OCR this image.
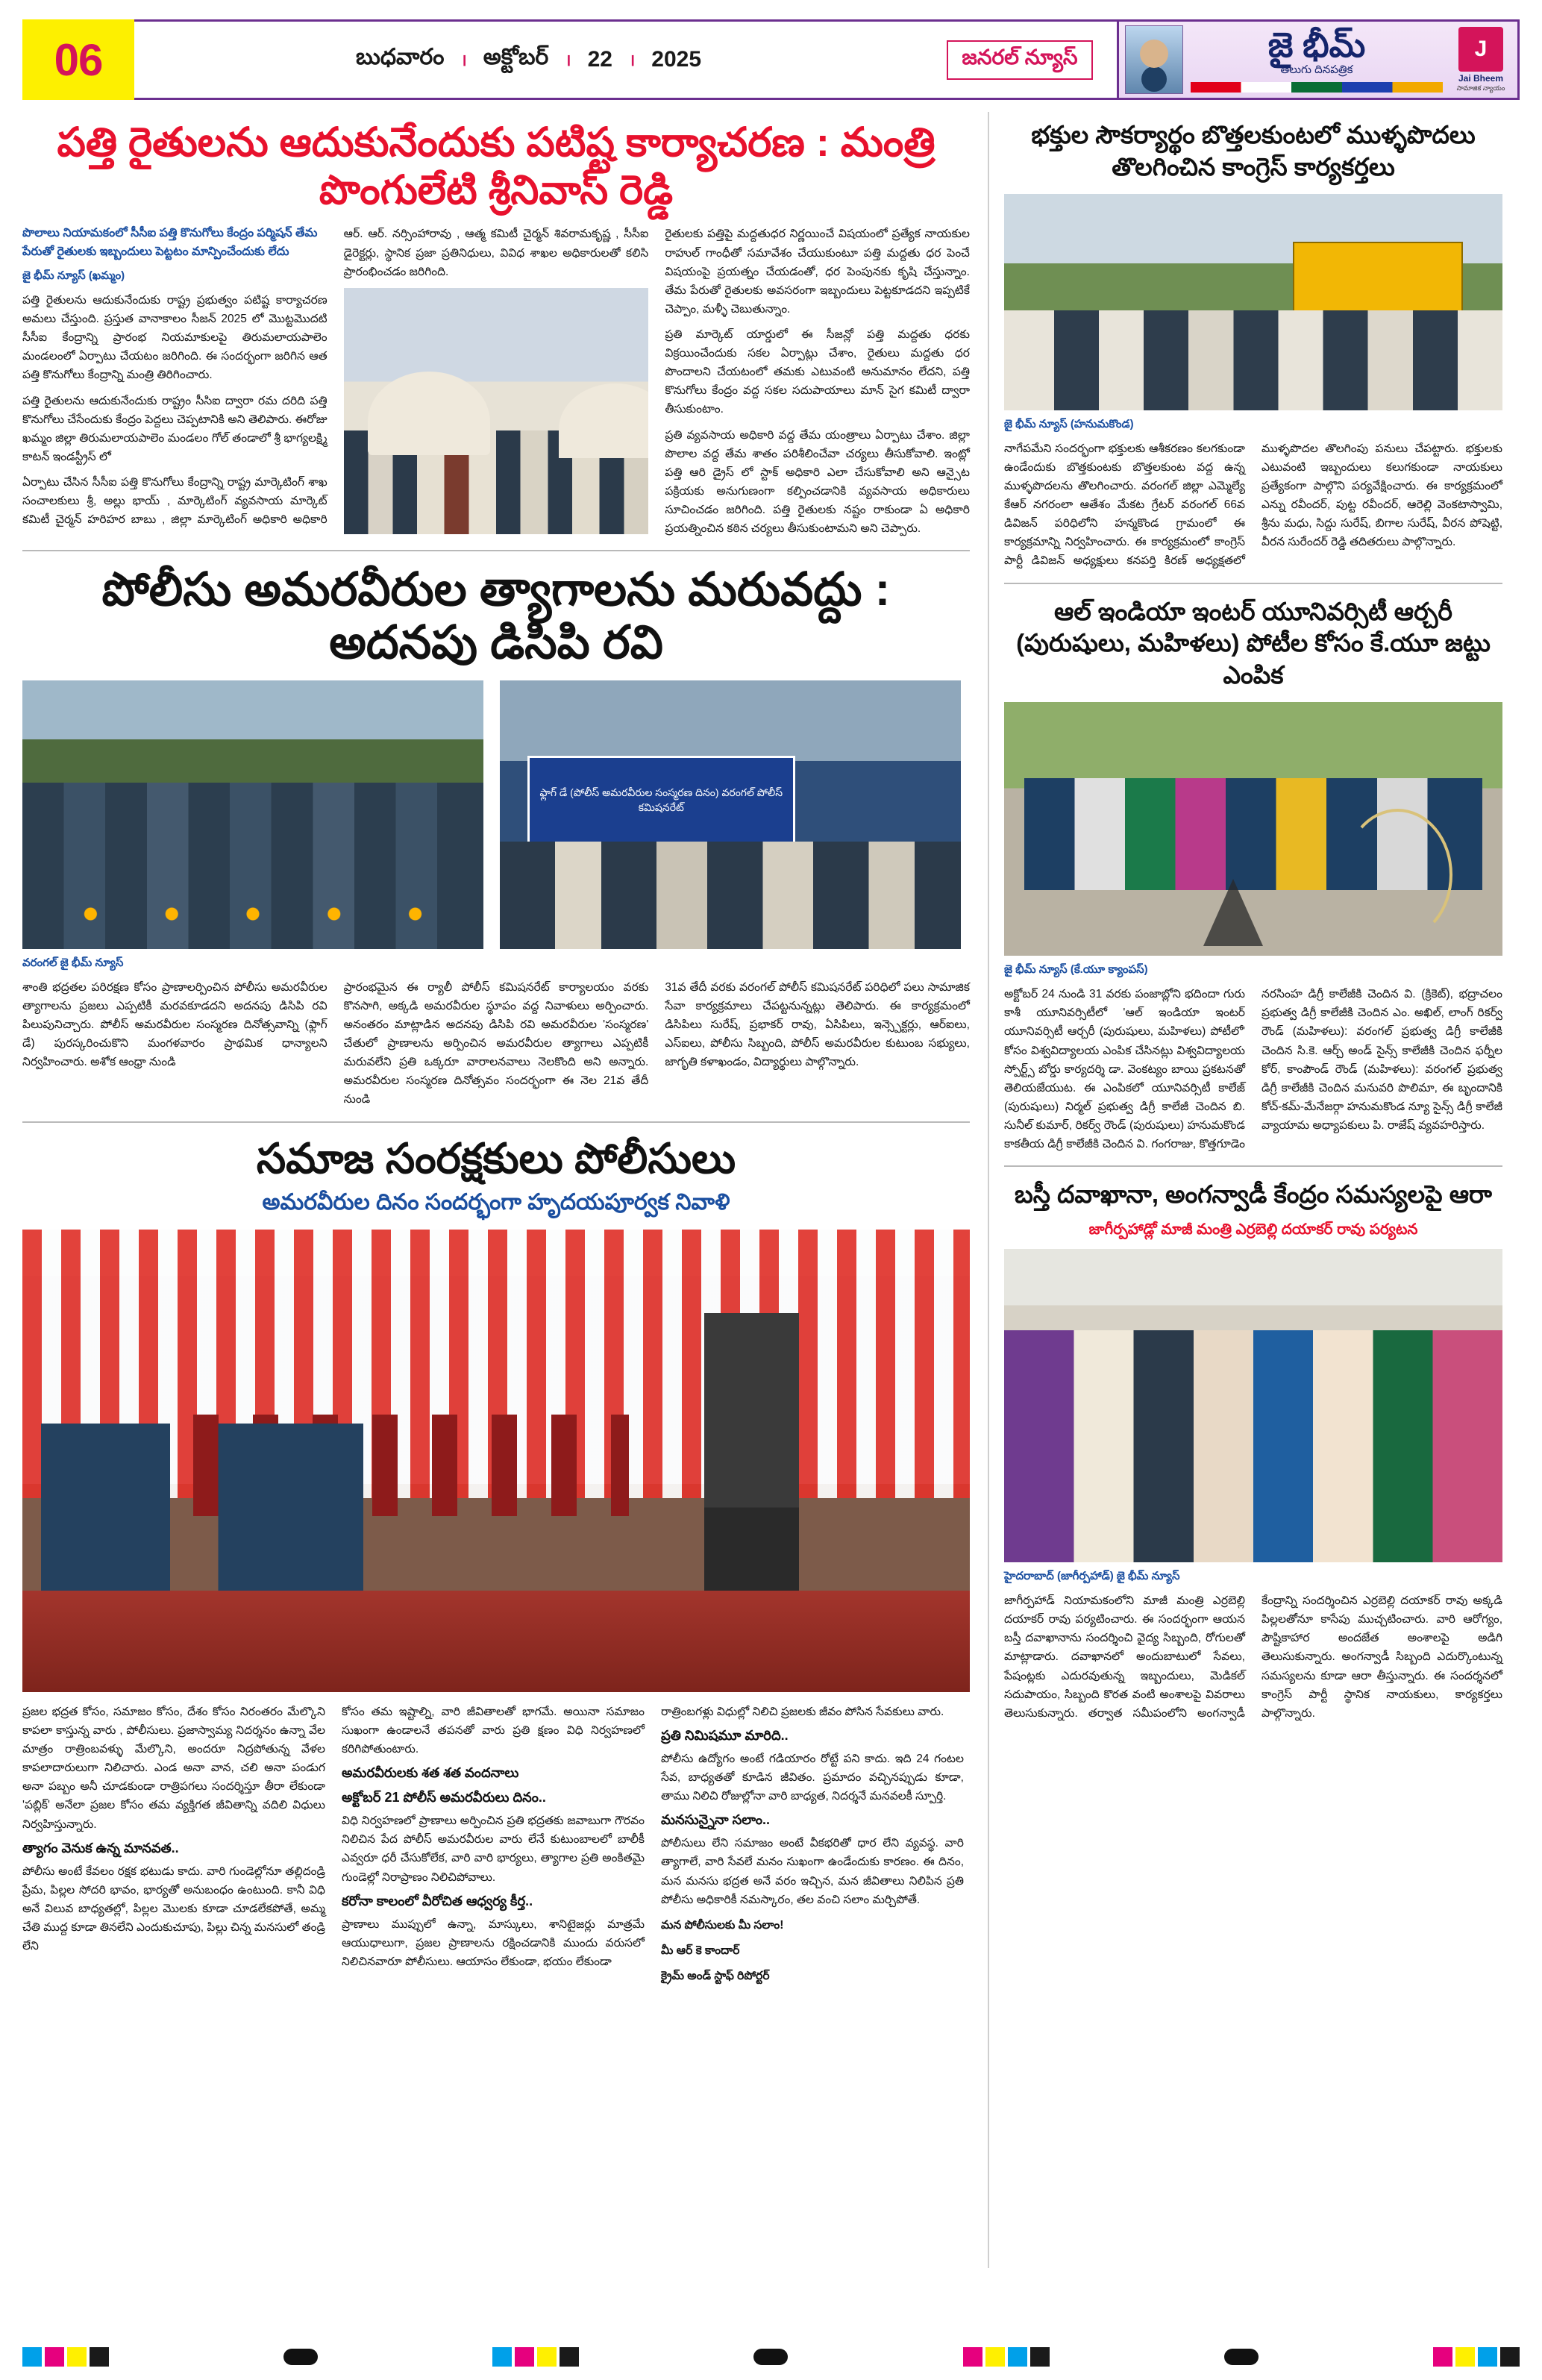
06	బుధవారం । అక్టోబర్ । 22 । 2025	జనరల్ న్యూస్	జై భీమ్
తెలుగు దినపత్రిక
J
Jai Bheem
సామాజిక న్యాయం
పత్తి రైతులను ఆదుకునేందుకు పటిష్ట కార్యాచరణ : మంత్రి పొంగులేటి శ్రీనివాస్ రెడ్డి

పొలాలు నియామకంలో సీసీఐ పత్తి కొనుగోలు కేంద్రం పర్మిషన్ తేమ పేరుతో రైతులకు ఇబ్బందులు పెట్టటం మాన్పించేందుకు లేదు

జై భీమ్ న్యూస్ (ఖమ్మం)

పత్తి రైతులను ఆదుకునేందుకు రాష్ట్ర ప్రభుత్వం పటిష్ట కార్యాచరణ అమలు చేస్తుంది. ప్రస్తుత వానాకాలం సీజన్ 2025 లో మొట్టమొదటి సీసీఐ కేంద్రాన్ని ప్రారంభ నియమాకులపై తిరుమలాయపాలెం మండలంలో ఏర్పాటు చేయటం జరిగింది. ఈ సందర్భంగా జరిగిన ఆత పత్తి కొనుగోలు కేంద్రాన్ని మంత్రి తిరిగించారు.

పత్తి రైతులను ఆదుకునేందుకు రాష్ట్రం సీసిఐ ద్వారా రమ దరిది పత్తి కొనుగోలు చేసేందుకు కేంద్రం పెద్దలు చెప్పటానికి అని తెలిపారు. ఈరోజు ఖమ్మం జిల్లా తిరుమలాయపాలెం మండలం గోల్ తండాలో శ్రీ భాగ్యలక్ష్మి కాటన్ ఇండస్ట్రీస్ లో

ఏర్పాటు చేసిన సీసీఐ పత్తి కొనుగోలు కేంద్రాన్ని రాష్ట్ర మార్కెటింగ్ శాఖ సంచాలకులు శ్రీ, అల్లు భాయ్ , మార్కెటింగ్ వ్యవసాయ మార్కెట్ కమిటీ చైర్మన్ హరిహర బాబు , జిల్లా మార్కెటింగ్ అధికారి అధికారి ఆర్. ఆర్. నర్సింహారావు , ఆత్మ కమిటీ చైర్మన్ శివరామకృష్ణ , సీసీఐ డైరెక్టర్లు, స్థానిక ప్రజా ప్రతినిధులు, వివిధ శాఖల అధికారులతో కలిసి ప్రారంభించడం జరిగింది.

రైతులకు పత్తిపై మద్దతుధర నిర్ణయించే విషయంలో ప్రత్యేక నాయకుల రాహుల్ గాంధీతో సమావేశం చేయుకుంటూ పత్తి మద్దతు ధర పెంచే విషయంపై ప్రయత్నం చేయడంతో, ధర పెంపునకు కృషి చేస్తున్నాం. తేమ పేరుతో రైతులకు అవసరంగా ఇబ్బందులు పెట్టకూడదని ఇప్పటికే చెప్పాం, మళ్ళీ చెబుతున్నాం.

ప్రతి మార్కెట్ యార్డులో ఈ సీజన్లో పత్తి మద్దతు ధరకు విక్రయించేందుకు సకల ఏర్పాట్లు చేశాం, రైతులు మద్దతు ధర పొందాలని చేయటంలో తమకు ఎటువంటి అనుమానం లేదని, పత్తి కొనుగోలు కేంద్రం వద్ద సకల సదుపాయాలు మాన్ సైగ కమిటీ ద్వారా తీసుకుంటాం.

ప్రతి వ్యవసాయ అధికారి వద్ద తేమ యంత్రాలు ఏర్పాటు చేశాం. జిల్లా పొలాల వద్ద తేమ శాతం పరిశీలించేవా చర్యలు తీసుకోవాలి. ఇంట్లో పత్తి ఆరి డ్రైస్ లో స్టాక్ అధికారి ఎలా చేసుకోవాలి అని ఆన్సైట పక్రియకు అనుగుణంగా కల్పించడానికి వ్యవసాయ అధికారులు సూచించడం జరిగింది. పత్తి రైతులకు నష్టం రాకుండా ఏ అధికారి ప్రయత్నించిన కఠిన చర్యలు తీసుకుంటామని అని చెప్పారు.

పోలీసు అమరవీరుల త్యాగాలను మరువద్దు : అదనపు డిసిపి రవి
ఫ్లాగ్ డే (పోలీస్ అమరవీరుల సంస్మరణ దినం) వరంగల్ పోలీస్ కమిషనరేట్

వరంగల్ జై భీమ్ న్యూస్

శాంతి భద్రతల పరిరక్షణ కోసం ప్రాణాలర్పించిన పోలీసు అమరవీరుల త్యాగాలను ప్రజలు ఎప్పటికీ మరవకూడదని అదనపు డిసిపి రవి పిలుపునిచ్చారు. పోలీస్ అమరవీరుల సంస్మరణ దినోత్సవాన్ని (ఫ్లాగ్ డే) పురస్కరించుకొని మంగళవారం ప్రాథమిక ధాన్యాలని నిర్వహించారు. అశోక ఆంధ్రా నుండి

ప్రారంభమైన ఈ ర్యాలీ పోలీస్ కమిషనరేట్ కార్యాలయం వరకు కొనసాగి, అక్కడి అమరవీరుల స్థూపం వద్ద నివాళులు అర్పించారు. అనంతరం మాట్లాడిన అదనపు డిసిపి రవి అమరవీరుల 'సంస్మరణ' చేతులో ప్రాణాలను అర్పించిన అమరవీరుల త్యాగాలు ఎప్పటికీ మరువలేని ప్రతి ఒక్కరూ వారాలనవాలు నెలకొంది అని అన్నారు. అమరవీరుల సంస్మరణ దినోత్సవం సందర్భంగా ఈ నెల 21వ తేదీ నుండి

31వ తేదీ వరకు వరంగల్ పోలీస్ కమిషనరేట్ పరిధిలో పలు సామాజిక సేవా కార్యక్రమాలు చేపట్టనున్నట్లు తెలిపారు. ఈ కార్యక్రమంలో డిసిపిలు సురేష్, ప్రభాకర్ రావు, ఏసిపిలు, ఇన్స్పెక్టర్లు, ఆర్ఐలు, ఎస్ఐలు, పోలీసు సిబ్బంది, పోలీస్ అమరవీరుల కుటుంబ సభ్యులు, జాగృతి కళాఖండం, విద్యార్థులు పాల్గొన్నారు.

సమాజ సంరక్షకులు పోలీసులు
అమరవీరుల దినం సందర్భంగా హృదయపూర్వక నివాళి

ప్రజల భద్రత కోసం, సమాజం కోసం, దేశం కోసం నిరంతరం మేల్కొని కాపలా కాస్తున్న వారు , పోలీసులు. ప్రజాస్వామ్య నిదర్శనం ఉన్నా వేల మాత్రం రాత్రింబవళ్ళు మేల్కొని, అందరూ నిద్రపోతున్న వేళల కాపలాదారులుగా నిలిచారు. ఎండ అనా వాన, చలి అనా పండుగ అనా పబ్బం అనీ చూడకుండా రాత్రిపగలు సందర్శిస్తూ తీరా లేకుండా 'పబ్లిక్' అనేలా ప్రజల కోసం తమ వ్యక్తిగత జీవితాన్ని వదిలి విధులు నిర్వహిస్తున్నారు.

త్యాగం వెనుక ఉన్న మానవత..

పోలీసు అంటే కేవలం రక్షక భటుడు కాదు. వారి గుండెల్లోనూ తల్లిదండ్రి ప్రేమ, పిల్లల సోదరి భావం, భార్యతో అనుబంధం ఉంటుంది. కానీ విధి అనే విలువ బాధ్యతల్లో, పిల్లల మొలకు కూడా చూడలేకపోతే, అమ్మ చేతి ముద్ద కూడా తినలేని ఎందుకుచూపు, పిల్లు చిన్న మనసులో తండ్రి లేని

కోసం తమ ఇష్టాల్ని, వారి జీవితాలతో భాగమే. అయినా సమాజం సుఖంగా ఉండాలనే తపనతో వారు ప్రతి క్షణం విధి నిర్వహణలో కరిగిపోతుంటారు.

అమరవీరులకు శత శత వందనాలు

అక్టోబర్ 21 పోలీస్ అమరవీరులు దినం..

విధి నిర్వహణలో ప్రాణాలు అర్పించిన ప్రతి భద్రతకు జవాబుగా గౌరవం నిలిచిన పేద పోలీస్ అమరవీరుల వారు లేనే కుటుంబాలలో బాలీకీ ఎవ్వరూ ధరీ చేసుకోలేక, వారి వారి భార్యలు, త్యాగాల ప్రతి అంకితమై గుండెల్లో నిరాప్రాణం నిలిచిపోవాలు.

కరోనా కాలంలో వీరోచిత ఆధ్వర్య కీర్త..

ప్రాణాలు ముప్పులో ఉన్నా, మాస్కులు, శానిటైజర్లు మాత్రమే ఆయుధాలుగా, ప్రజల ప్రాణాలను రక్షించడానికి ముందు వరుసలో నిలిచినవారూ పోలీసులు. ఆయాసం లేకుండా, భయం లేకుండా

రాత్రింబగళ్లు విధుల్లో నిలిచి ప్రజలకు జీవం పోసిన సేవకులు వారు.

ప్రతి నిమిషమూ మారిది..

పోలీసు ఉద్యోగం అంటే గడియారం రోట్టే పని కాదు. ఇది 24 గంటల సేవ, బాధ్యతతో కూడిన జీవితం. ప్రమాదం వచ్చినప్పుడు కూడా, తాము నిలిచి రోజుల్లోనా వారి బాధ్యత, నిదర్శనే మనవలకీ స్పూర్తి.

మనసున్నైనా సలాం..

పోలీసులు లేని సమాజం అంటే వీకభరితో ధార లేని వ్యవస్థ. వారి త్యాగాలే, వారి సేవలే మనం సుఖంగా ఉండేందుకు కారణం. ఈ దినం, మన మనసు భద్రత అనే వరం ఇచ్చిన, మన జీవితాలు నిలిపిన ప్రతి పోలీసు అధికారికీ నమస్కారం, తల వంచి సలాం మర్చిపోతే.

మన పోలీసులకు మీ సలాం!

మీ ఆర్ కె కాందార్

క్రైమ్ అండ్ స్టాఫ్ రిపోర్టర్

భక్తుల సౌకర్యార్థం బొత్తలకుంటలో ముళ్ళపొదలు తొలగించిన కాంగ్రెస్ కార్యకర్తలు

జై భీమ్ న్యూస్ (హనుమకొండ)

నాగేపమేని సందర్భంగా భక్తులకు ఆశీకరణం కలగకుండా ఉండేందుకు బొత్తకుంటకు బొత్తలకుంట వద్ద ఉన్న ముళ్ళపొదలను తొలగించారు. వరంగల్ జిల్లా ఎమ్మెల్యే కేఆర్ నగరంలా ఆతేశం మేకట గ్రేటర్ వరంగల్ 66వ డివిజన్ పరిధిలోని హన్మకొండ గ్రామంలో ఈ కార్యక్రమాన్ని నిర్వహించారు. ఈ కార్యక్రమంలో కాంగ్రెస్ పార్టీ డివిజన్ అధ్యక్షులు కనపర్తి కిరణ్ అధ్యక్షతలో ముళ్ళపొదల తొలగింపు పనులు చేపట్టారు. భక్తులకు ఎటువంటి ఇబ్బందులు కలుగకుండా నాయకులు ప్రత్యేకంగా పాల్గొని పర్యవేక్షించారు. ఈ కార్యక్రమంలో ఎన్ను రవీందర్, పుట్ట రవీందర్, ఆరెల్లి వెంకటాస్వామి, శ్రీను మధు, సిద్దు సురేష్, బిగాల సురేష్, వీరన పోషెట్టి, వీరన సురేందర్ రెడ్డి తదితరులు పాల్గొన్నారు.

ఆల్ ఇండియా ఇంటర్ యూనివర్సిటీ ఆర్చరీ (పురుషులు, మహిళలు) పోటీల కోసం కే.యూ జట్టు ఎంపిక

జై భీమ్ న్యూస్ (కే.యూ క్యాంపస్)

అక్టోబర్ 24 నుండి 31 వరకు పంజాబ్లోని భదిందా గురు కాశీ యూనివర్సిటీలో 'ఆల్ ఇండియా ఇంటర్ యూనివర్సిటీ ఆర్చరీ (పురుషులు, మహిళలు) పోటీలో' కోసం విశ్వవిద్యాలయ ఎంపిక చేసినట్లు విశ్వవిద్యాలయ స్పోర్ట్స్ బోర్డు కార్యదర్శి డా. వెంకట్యం బాయి ప్రకటనతో తెలియజేయుట. ఈ ఎంపికలో యూనివర్సిటీ కాలేజ్ (పురుషులు) నిర్మల్ ప్రభుత్వ డిగ్రీ కాలేజీ చెందిన బి. సునీల్ కుమార్, రికర్వ్ రౌండ్ (పురుషులు) హనుమకొండ కాకతీయ డిగ్రీ కాలేజీకి చెందిన వి. గంగరాజు, కొత్తగూడెం నరసింహ డిగ్రీ కాలేజీకి చెందిన వి. (క్రికెట్), భద్రాచలం ప్రభుత్వ డిగ్రీ కాలేజీకి చెందిన ఎం. అఖిల్, లాంగ్ రికర్వ్ రౌండ్ (మహిళలు): వరంగల్ ప్రభుత్వ డిగ్రీ కాలేజీకి చెందిన సి.కె. ఆర్చ్ అండ్ సైన్స్ కాలేజీకి చెందిన ఫర్నీల కోర్, కాంపౌండ్ రౌండ్ (మహిళలు): వరంగల్ ప్రభుత్వ డిగ్రీ కాలేజీకి చెందిన మనువరి పొలిమా, ఈ బృందానికి కోచ్-కమ్-మేనేజర్గా హనుమకొండ న్యూ సైన్స్ డిగ్రీ కాలేజీ వ్యాయామ అధ్యాపకులు పి. రాజేష్ వ్యవహరిస్తారు.

బస్తీ దవాఖానా, అంగన్వాడీ కేంద్రం సమస్యలపై ఆరా
జాగీర్పహాడ్లో మాజీ మంత్రి ఎర్రబెల్లి దయాకర్ రావు పర్యటన

హైదరాబాద్ (జాగీర్పహాడ్) జై భీమ్ న్యూస్

జాగీర్పహాడ్ నియామకంలోని మాజీ మంత్రి ఎర్రబెల్లి దయాకర్ రావు పర్యటించారు. ఈ సందర్భంగా ఆయన బస్తీ దవాఖానాను సందర్శించి వైద్య సిబ్బంది, రోగులతో మాట్లాడారు. దవాఖానలో అందుబాటులో సేవలు, పేషంట్లకు ఎదురవుతున్న ఇబ్బందులు, మెడికల్ సదుపాయం, సిబ్బంది కొరత వంటి అంశాలపై వివరాలు తెలుసుకున్నారు. తర్వాత సమీపంలోని అంగన్వాడీ కేంద్రాన్ని సందర్శించిన ఎర్రబెల్లి దయాకర్ రావు అక్కడి పిల్లలతోనూ కాసేపు ముచ్చటించారు. వారి ఆరోగ్యం, పౌష్టికాహార అందజేత అంశాలపై అడిగి తెలుసుకున్నారు. అంగన్వాడీ సిబ్బంది ఎదుర్కొంటున్న సమస్యలను కూడా ఆరా తీస్తున్నారు. ఈ సందర్శనలో కాంగ్రెస్ పార్టీ స్థానిక నాయకులు, కార్యకర్తలు పాల్గొన్నారు.
